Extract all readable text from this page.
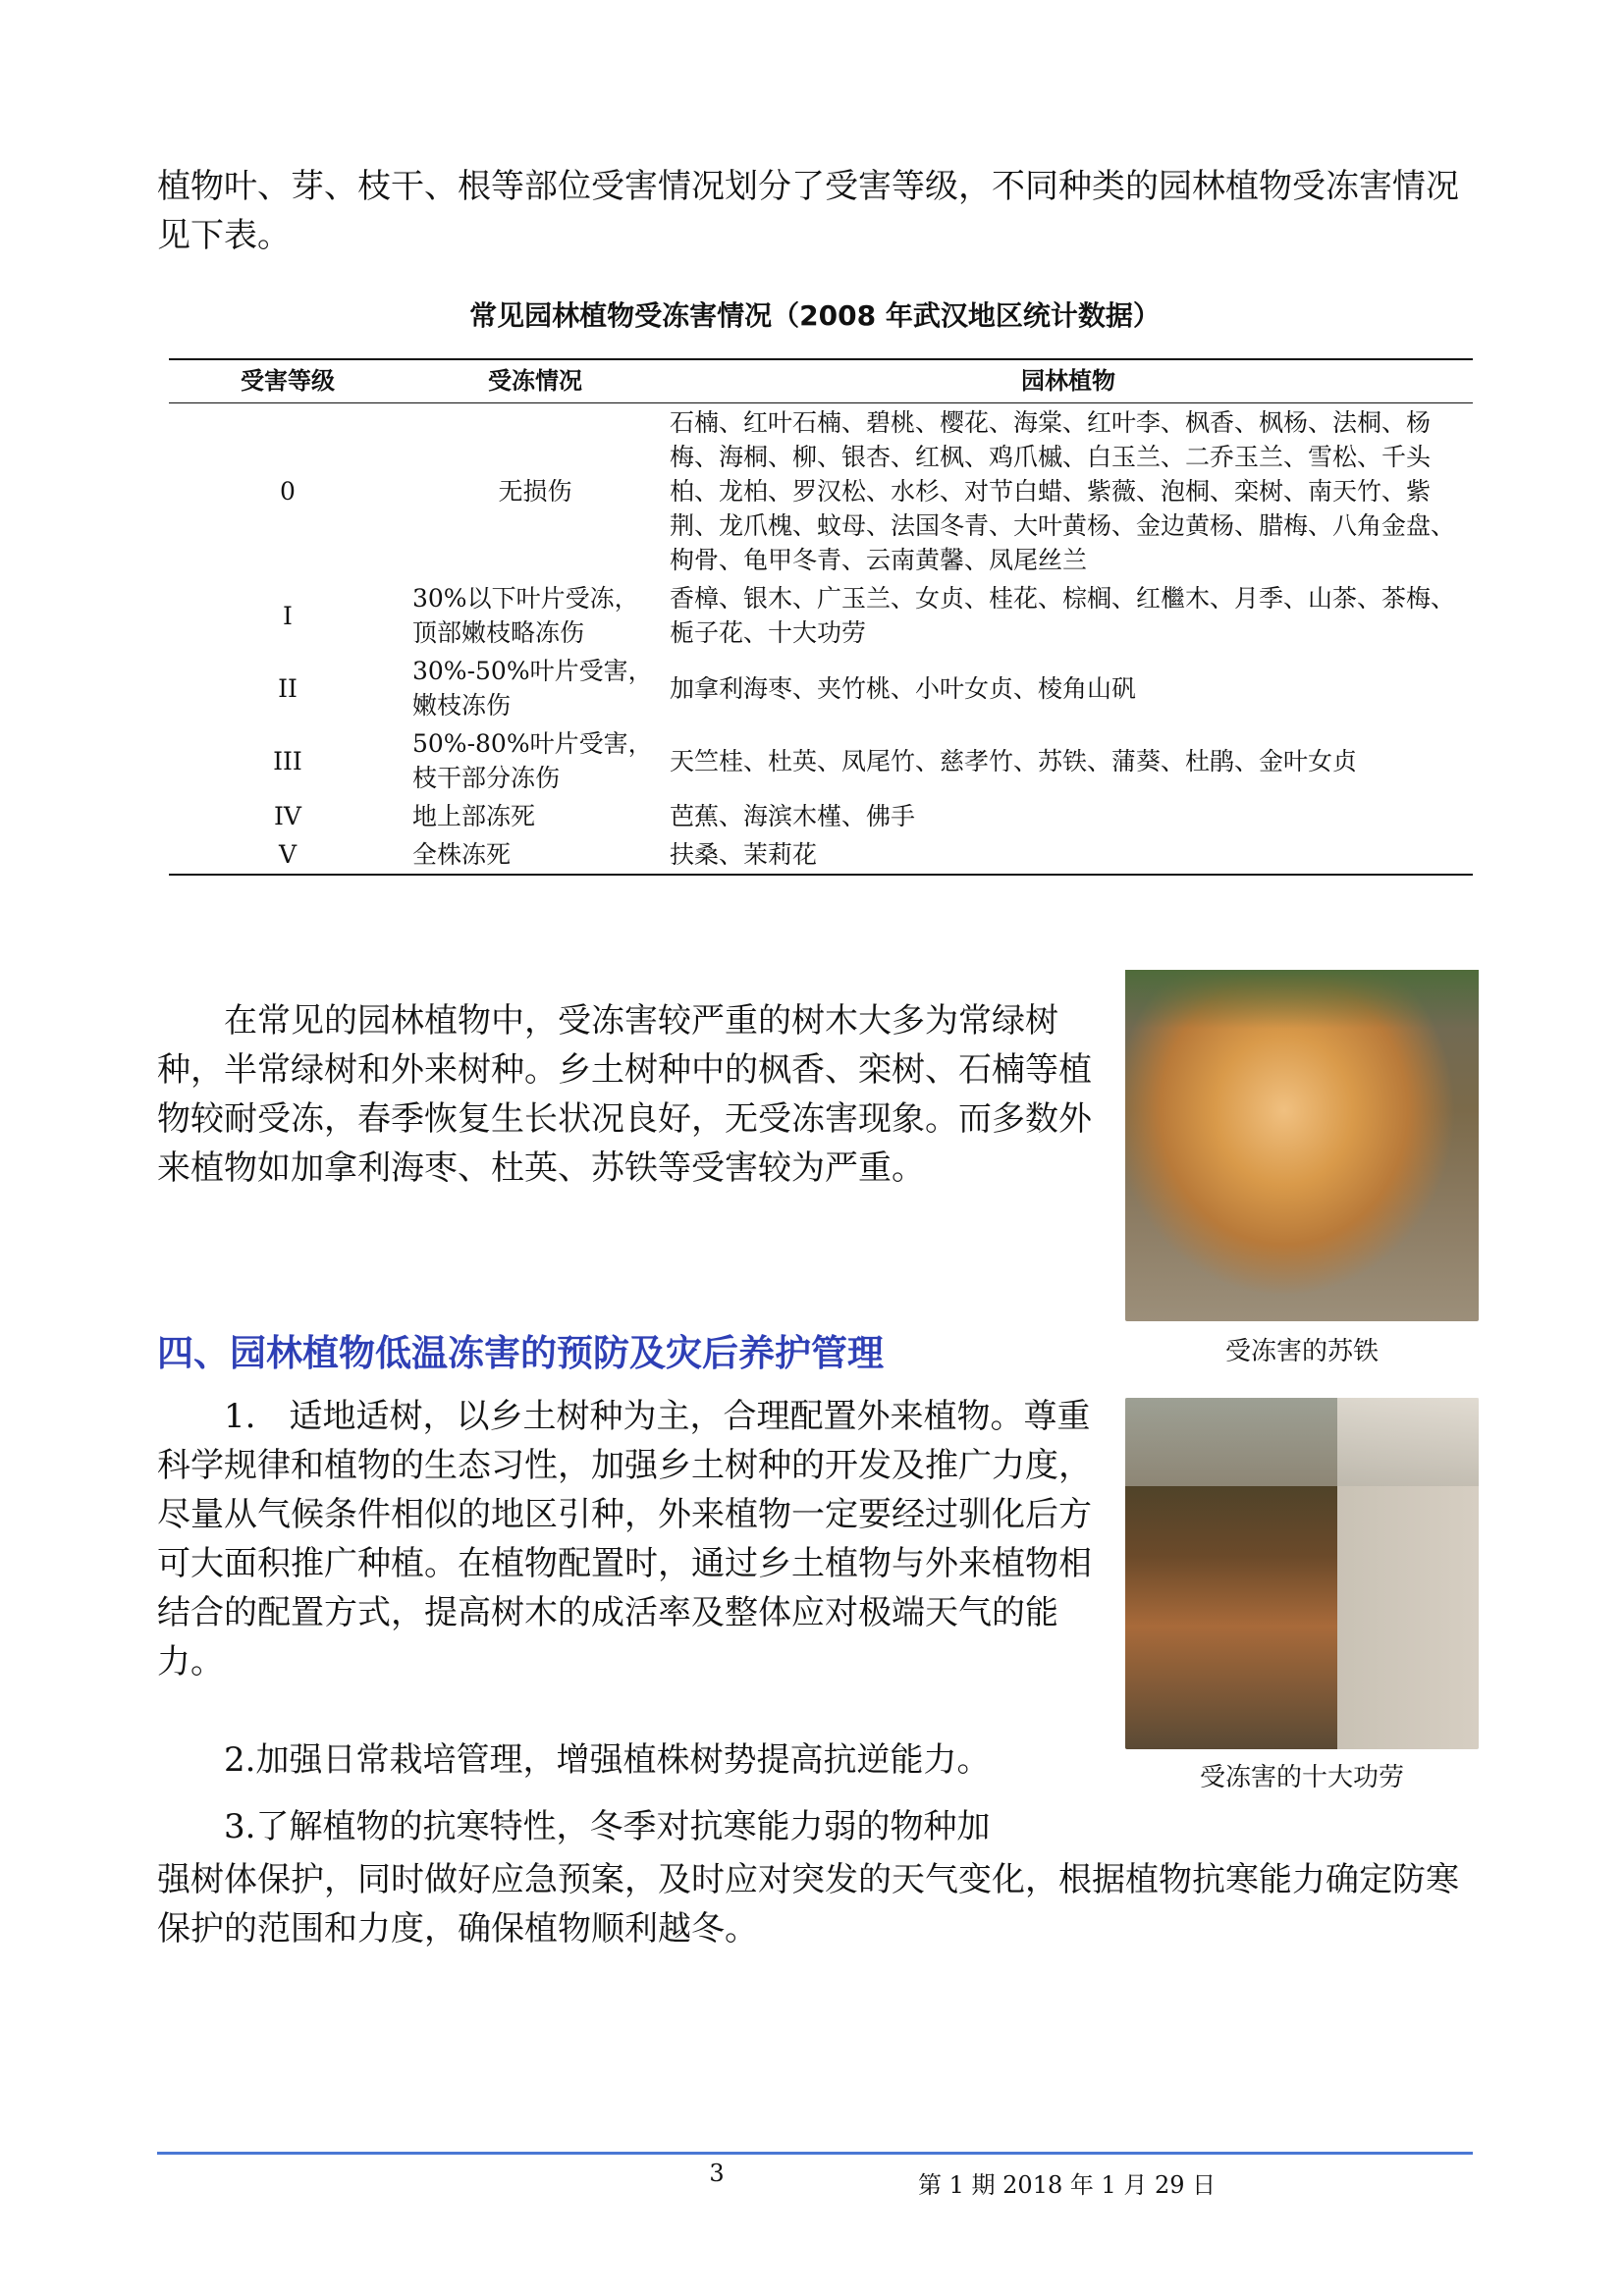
植物叶、芽、枝干、根等部位受害情况划分了受害等级，不同种类的园林植物受冻害情况见下表。

常见园林植物受冻害情况（2008 年武汉地区统计数据）
受害等级	受冻情况	园林植物
0	无损伤	石楠、红叶石楠、碧桃、樱花、海棠、红叶李、枫香、枫杨、法桐、杨梅、海桐、柳、银杏、红枫、鸡爪槭、白玉兰、二乔玉兰、雪松、千头柏、龙柏、罗汉松、水杉、对节白蜡、紫薇、泡桐、栾树、南天竹、紫荆、龙爪槐、蚊母、法国冬青、大叶黄杨、金边黄杨、腊梅、八角金盘、枸骨、龟甲冬青、云南黄馨、凤尾丝兰
I	30%以下叶片受冻，顶部嫩枝略冻伤	香樟、银木、广玉兰、女贞、桂花、棕榈、红檵木、月季、山茶、茶梅、栀子花、十大功劳
II	30%-50%叶片受害，嫩枝冻伤	加拿利海枣、夹竹桃、小叶女贞、棱角山矾
III	50%-80%叶片受害，枝干部分冻伤	天竺桂、杜英、凤尾竹、慈孝竹、苏铁、蒲葵、杜鹃、金叶女贞
IV	地上部冻死	芭蕉、海滨木槿、佛手
V	全株冻死	扶桑、茉莉花

在常见的园林植物中，受冻害较严重的树木大多为常绿树种，半常绿树和外来树种。乡土树种中的枫香、栾树、石楠等植物较耐受冻，春季恢复生长状况良好，无受冻害现象。而多数外来植物如加拿利海枣、杜英、苏铁等受害较为严重。

四、园林植物低温冻害的预防及灾后养护管理

1. 适地适树，以乡土树种为主，合理配置外来植物。尊重科学规律和植物的生态习性，加强乡土树种的开发及推广力度，尽量从气候条件相似的地区引种，外来植物一定要经过驯化后方可大面积推广种植。在植物配置时，通过乡土植物与外来植物相结合的配置方式，提高树木的成活率及整体应对极端天气的能力。

2.加强日常栽培管理，增强植株树势提高抗逆能力。

3.了解植物的抗寒特性，冬季对抗寒能力弱的物种加

强树体保护，同时做好应急预案，及时应对突发的天气变化，根据植物抗寒能力确定防寒保护的范围和力度，确保植物顺利越冬。

受冻害的苏铁
受冻害的十大功劳
3	第 1 期 2018 年 1 月 29 日
